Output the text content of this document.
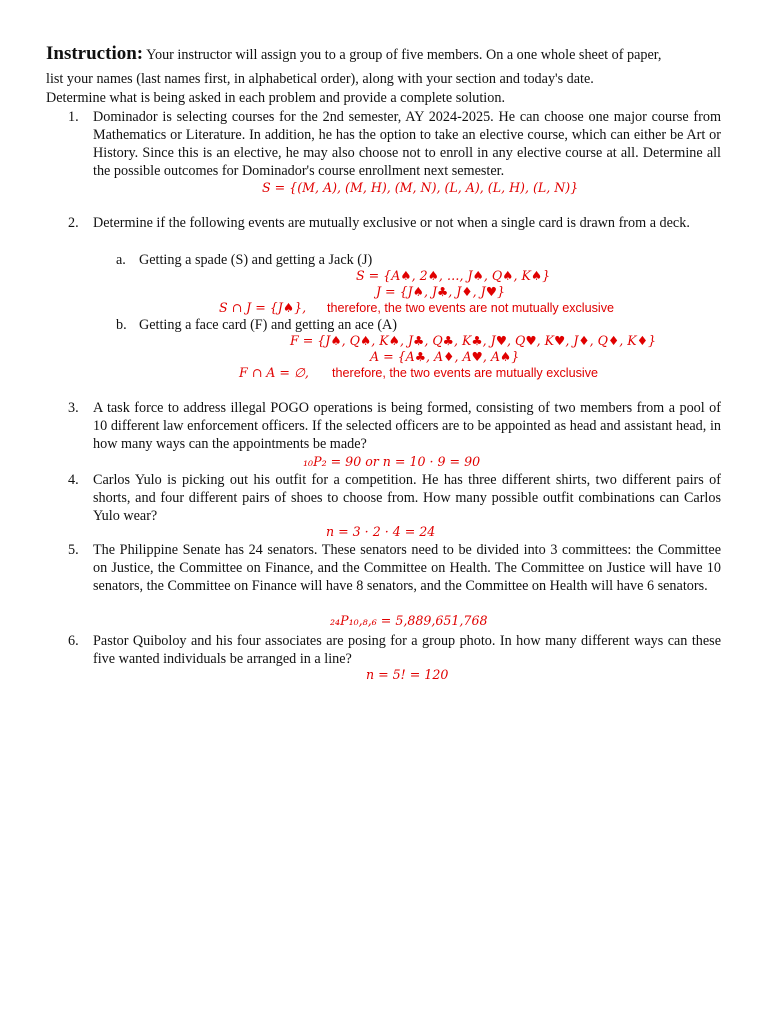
Instruction: Your instructor will assign you to a group of five members. On a one whole sheet of paper,
list your names (last names first, in alphabetical order), along with your section and today's date.
Determine what is being asked in each problem and provide a complete solution.
1. Dominador is selecting courses for the 2nd semester, AY 2024-2025. He can choose one major course from Mathematics or Literature. In addition, he has the option to take an elective course, which can either be Art or History. Since this is an elective, he may also choose not to enroll in any elective course at all. Determine all the possible outcomes for Dominador's course enrollment next semester.
S = {(M, A), (M, H), (M, N), (L, A), (L, H), (L, N)}
2. Determine if the following events are mutually exclusive or not when a single card is drawn from a deck.
a. Getting a spade (S) and getting a Jack (J)
S = {A♠, 2♠, …, J♠, Q♠, K♠}
J = {J♠, J♣, J♦, J♥}
S ∩ J = {J♠}, therefore, the two events are not mutually exclusive
b. Getting a face card (F) and getting an ace (A)
F = {J♠, Q♠, K♠, J♣, Q♣, K♣, J♥, Q♥, K♥, J♦, Q♦, K♦}
A = {A♣, A♦, A♥, A♠}
F ∩ A = ∅, therefore, the two events are mutually exclusive
3. A task force to address illegal POGO operations is being formed, consisting of two members from a pool of 10 different law enforcement officers. If the selected officers are to be appointed as head and assistant head, in how many ways can the appointments be made?
₁₀P₂ = 90 or n = 10 · 9 = 90
4. Carlos Yulo is picking out his outfit for a competition. He has three different shirts, two different pairs of shorts, and four different pairs of shoes to choose from. How many possible outfit combinations can Carlos Yulo wear?
n = 3 · 2 · 4 = 24
5. The Philippine Senate has 24 senators. These senators need to be divided into 3 committees: the Committee on Justice, the Committee on Finance, and the Committee on Health. The Committee on Justice will have 10 senators, the Committee on Finance will have 8 senators, and the Committee on Health will have 6 senators.
₂₄P₁₀,₈,₆ = 5,889,651,768
6. Pastor Quiboloy and his four associates are posing for a group photo. In how many different ways can these five wanted individuals be arranged in a line?
n = 5! = 120
